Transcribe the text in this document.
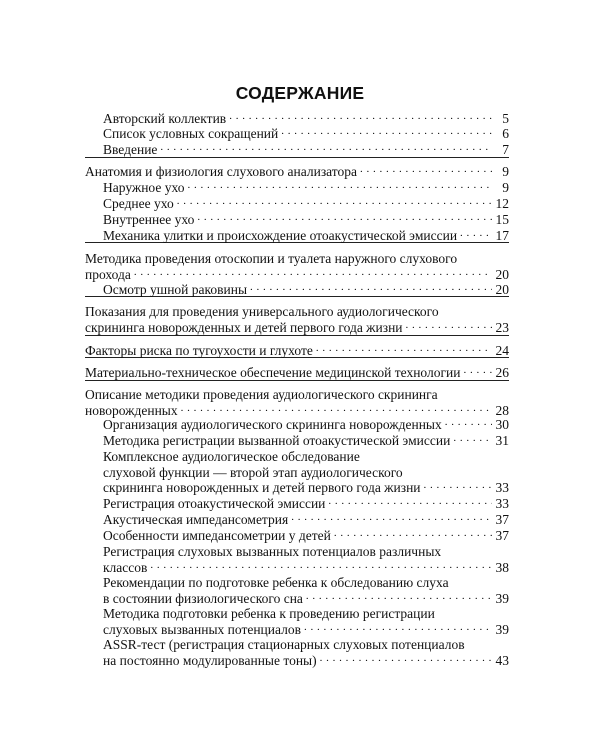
СОДЕРЖАНИЕ
Авторский коллектив . . .	5
Список условных сокращений . . .	6
Введение . . .	7
Анатомия и физиология слухового анализатора . . .	9
Наружное ухо . . .	9
Среднее ухо . . .	12
Внутреннее ухо . . .	15
Механика улитки и происхождение отоакустической эмиссии . . .	17
Методика проведения отоскопии и туалета наружного слухового
прохода . . .	20
Осмотр ушной раковины . . .	20
Показания для проведения универсального аудиологического
скрининга новорожденных и детей первого года жизни . . .	23
Факторы риска по тугоухости и глухоте . . .	24
Материально-техническое обеспечение медицинской технологии . . .	26
Описание методики проведения аудиологического скрининга
новорожденных . . .	28
Организация аудиологического скрининга новорожденных . . .	30
Методика регистрации вызванной отоакустической эмиссии . . .	31
Комплексное аудиологическое обследование
слуховой функции — второй этап аудиологического
скрининга новорожденных и детей первого года жизни . . .	33
Регистрация отоакустической эмиссии . . .	33
Акустическая импедансометрия . . .	37
Особенности импедансометрии у детей . . .	37
Регистрация слуховых вызванных потенциалов различных
классов . . .	38
Рекомендации по подготовке ребенка к обследованию слуха
в состоянии физиологического сна . . .	39
Методика подготовки ребенка к проведению регистрации
слуховых вызванных потенциалов . . .	39
ASSR-тест (регистрация стационарных слуховых потенциалов
на постоянно модулированные тоны) . . .	43
